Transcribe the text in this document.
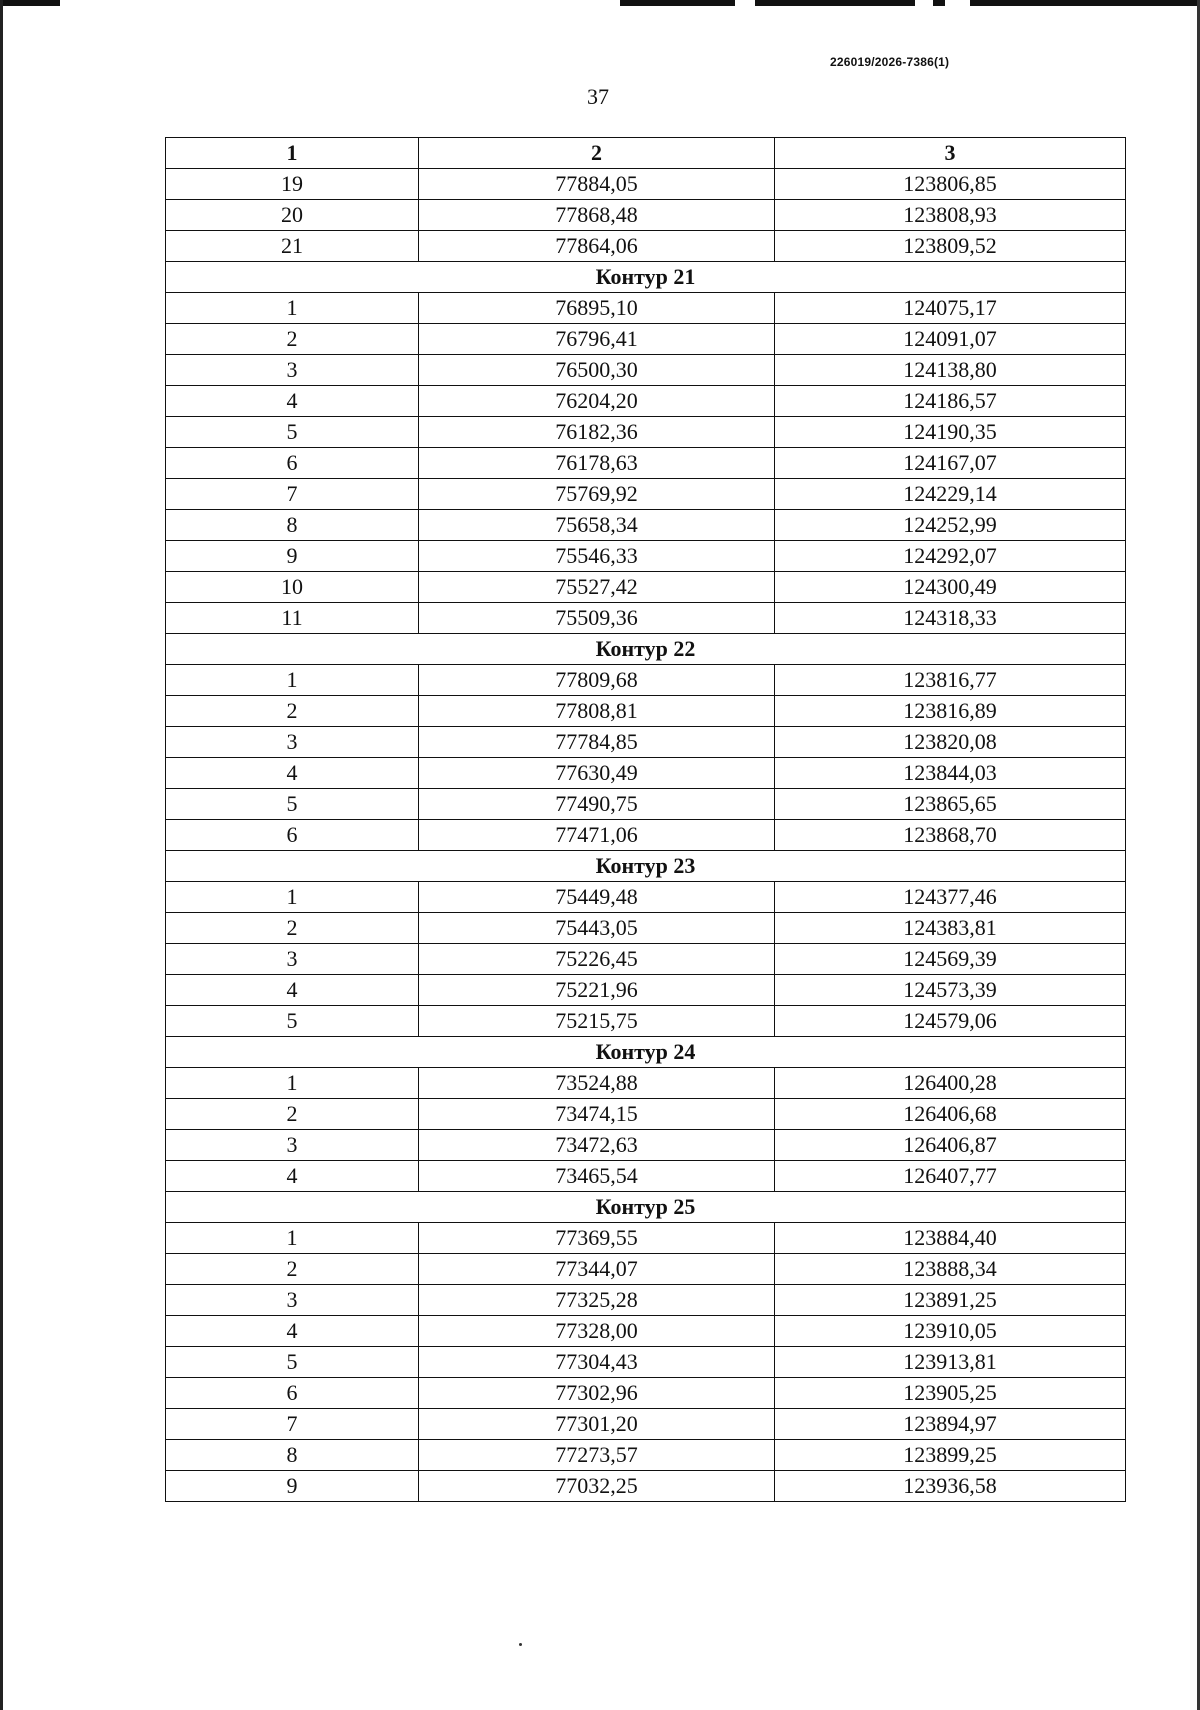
226019/2026-7386(1)
37
1	2	3
19	77884,05	123806,85
20	77868,48	123808,93
21	77864,06	123809,52
Контур 21		
1	76895,10	124075,17
2	76796,41	124091,07
3	76500,30	124138,80
4	76204,20	124186,57
5	76182,36	124190,35
6	76178,63	124167,07
7	75769,92	124229,14
8	75658,34	124252,99
9	75546,33	124292,07
10	75527,42	124300,49
11	75509,36	124318,33
Контур 22		
1	77809,68	123816,77
2	77808,81	123816,89
3	77784,85	123820,08
4	77630,49	123844,03
5	77490,75	123865,65
6	77471,06	123868,70
Контур 23		
1	75449,48	124377,46
2	75443,05	124383,81
3	75226,45	124569,39
4	75221,96	124573,39
5	75215,75	124579,06
Контур 24		
1	73524,88	126400,28
2	73474,15	126406,68
3	73472,63	126406,87
4	73465,54	126407,77
Контур 25		
1	77369,55	123884,40
2	77344,07	123888,34
3	77325,28	123891,25
4	77328,00	123910,05
5	77304,43	123913,81
6	77302,96	123905,25
7	77301,20	123894,97
8	77273,57	123899,25
9	77032,25	123936,58
